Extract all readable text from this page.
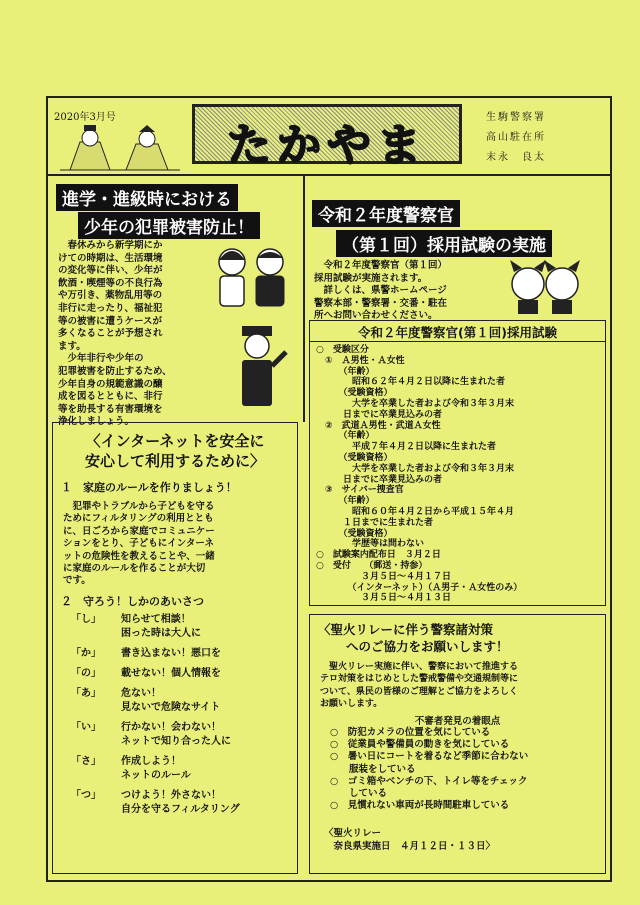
2020年3月号
たかやま
生駒警察署
高山駐在所
末永　良太
進学・進級時における
少年の犯罪被害防止！
　春休みから新学期にか
けての時期は、生活環境
の変化等に伴い、少年が
飲酒・喫煙等の不良行為
や万引き、薬物乱用等の
非行に走ったり、福祉犯
等の被害に遭うケースが
多くなることが予想され
ます。
　少年非行や少年の
犯罪被害を防止するため、
少年自身の規範意識の醸
成を図るとともに、非行
等を助長する有害環境を
浄化しましょう。
令和２年度警察官
（第１回）採用試験の実施
　令和２年度警察官（第１回）
採用試験が実施されます。
　詳しくは、県警ホームページ
警察本部・警察署・交番・駐在
所へお問い合わせください。
令和２年度警察官(第１回)採用試験
○　受験区分
　①　Ａ男性・Ａ女性
　　　（年齢）
　　　　昭和６２年４月２日以降に生まれた者
　　　（受験資格）
　　　　大学を卒業した者および令和３年３月末
　　　日までに卒業見込みの者
　②　武道Ａ男性・武道Ａ女性
　　　（年齢）
　　　　平成７年４月２日以降に生まれた者
　　　（受験資格）
　　　　大学を卒業した者および令和３年３月末
　　　日までに卒業見込みの者
　③　サイバー捜査官
　　　（年齢）
　　　　昭和６０年４月２日から平成１５年４月
　　　１日までに生まれた者
　　　（受験資格）
　　　　学歴等は問わない
○　試験案内配布日　３月２日
○　受付　　（郵送・持参）
　　　　　３月５日～４月１７日
　　　　（インターネット）（Ａ男子・Ａ女性のみ）
　　　　　３月５日～４月１３日
〈インターネットを安全に
安心して利用するために〉
１　家庭のルールを作りましょう！
　犯罪やトラブルから子どもを守る
ためにフィルタリングの利用ととも
に、日ごろから家庭でコミュニケー
ションをとり、子どもにインターネ
ットの危険性を教えることや、一緒
に家庭のルールを作ることが大切
です。
２　守ろう！しかのあいさつ
「し」	知らせて相談！
困った時は大人に
「か」	書き込まない！悪口を
「の」	載せない！個人情報を
「あ」	危ない！
見ないで危険なサイト
「い」	行かない！会わない！
ネットで知り合った人に
「さ」	作成しよう！
ネットのルール
「つ」	つけよう！外さない！
自分を守るフィルタリング
〈聖火リレーに伴う警察諸対策
へのご協力をお願いします！
　聖火リレー実施に伴い、警察において推進する
テロ対策をはじめとした警戒警備や交通規制等に
ついて、県民の皆様のご理解とご協力をよろしく
お願いします。
不審者発見の着眼点
○　防犯カメラの位置を気にしている
○　従業員や警備員の動きを気にしている
○　暑い日にコートを着るなど季節に合わない
　　服装をしている
○　ゴミ箱やベンチの下、トイレ等をチェック
　　している
○　見慣れない車両が長時間駐車している
〈聖火リレー
　奈良県実施日　４月１２日・１３日〉
